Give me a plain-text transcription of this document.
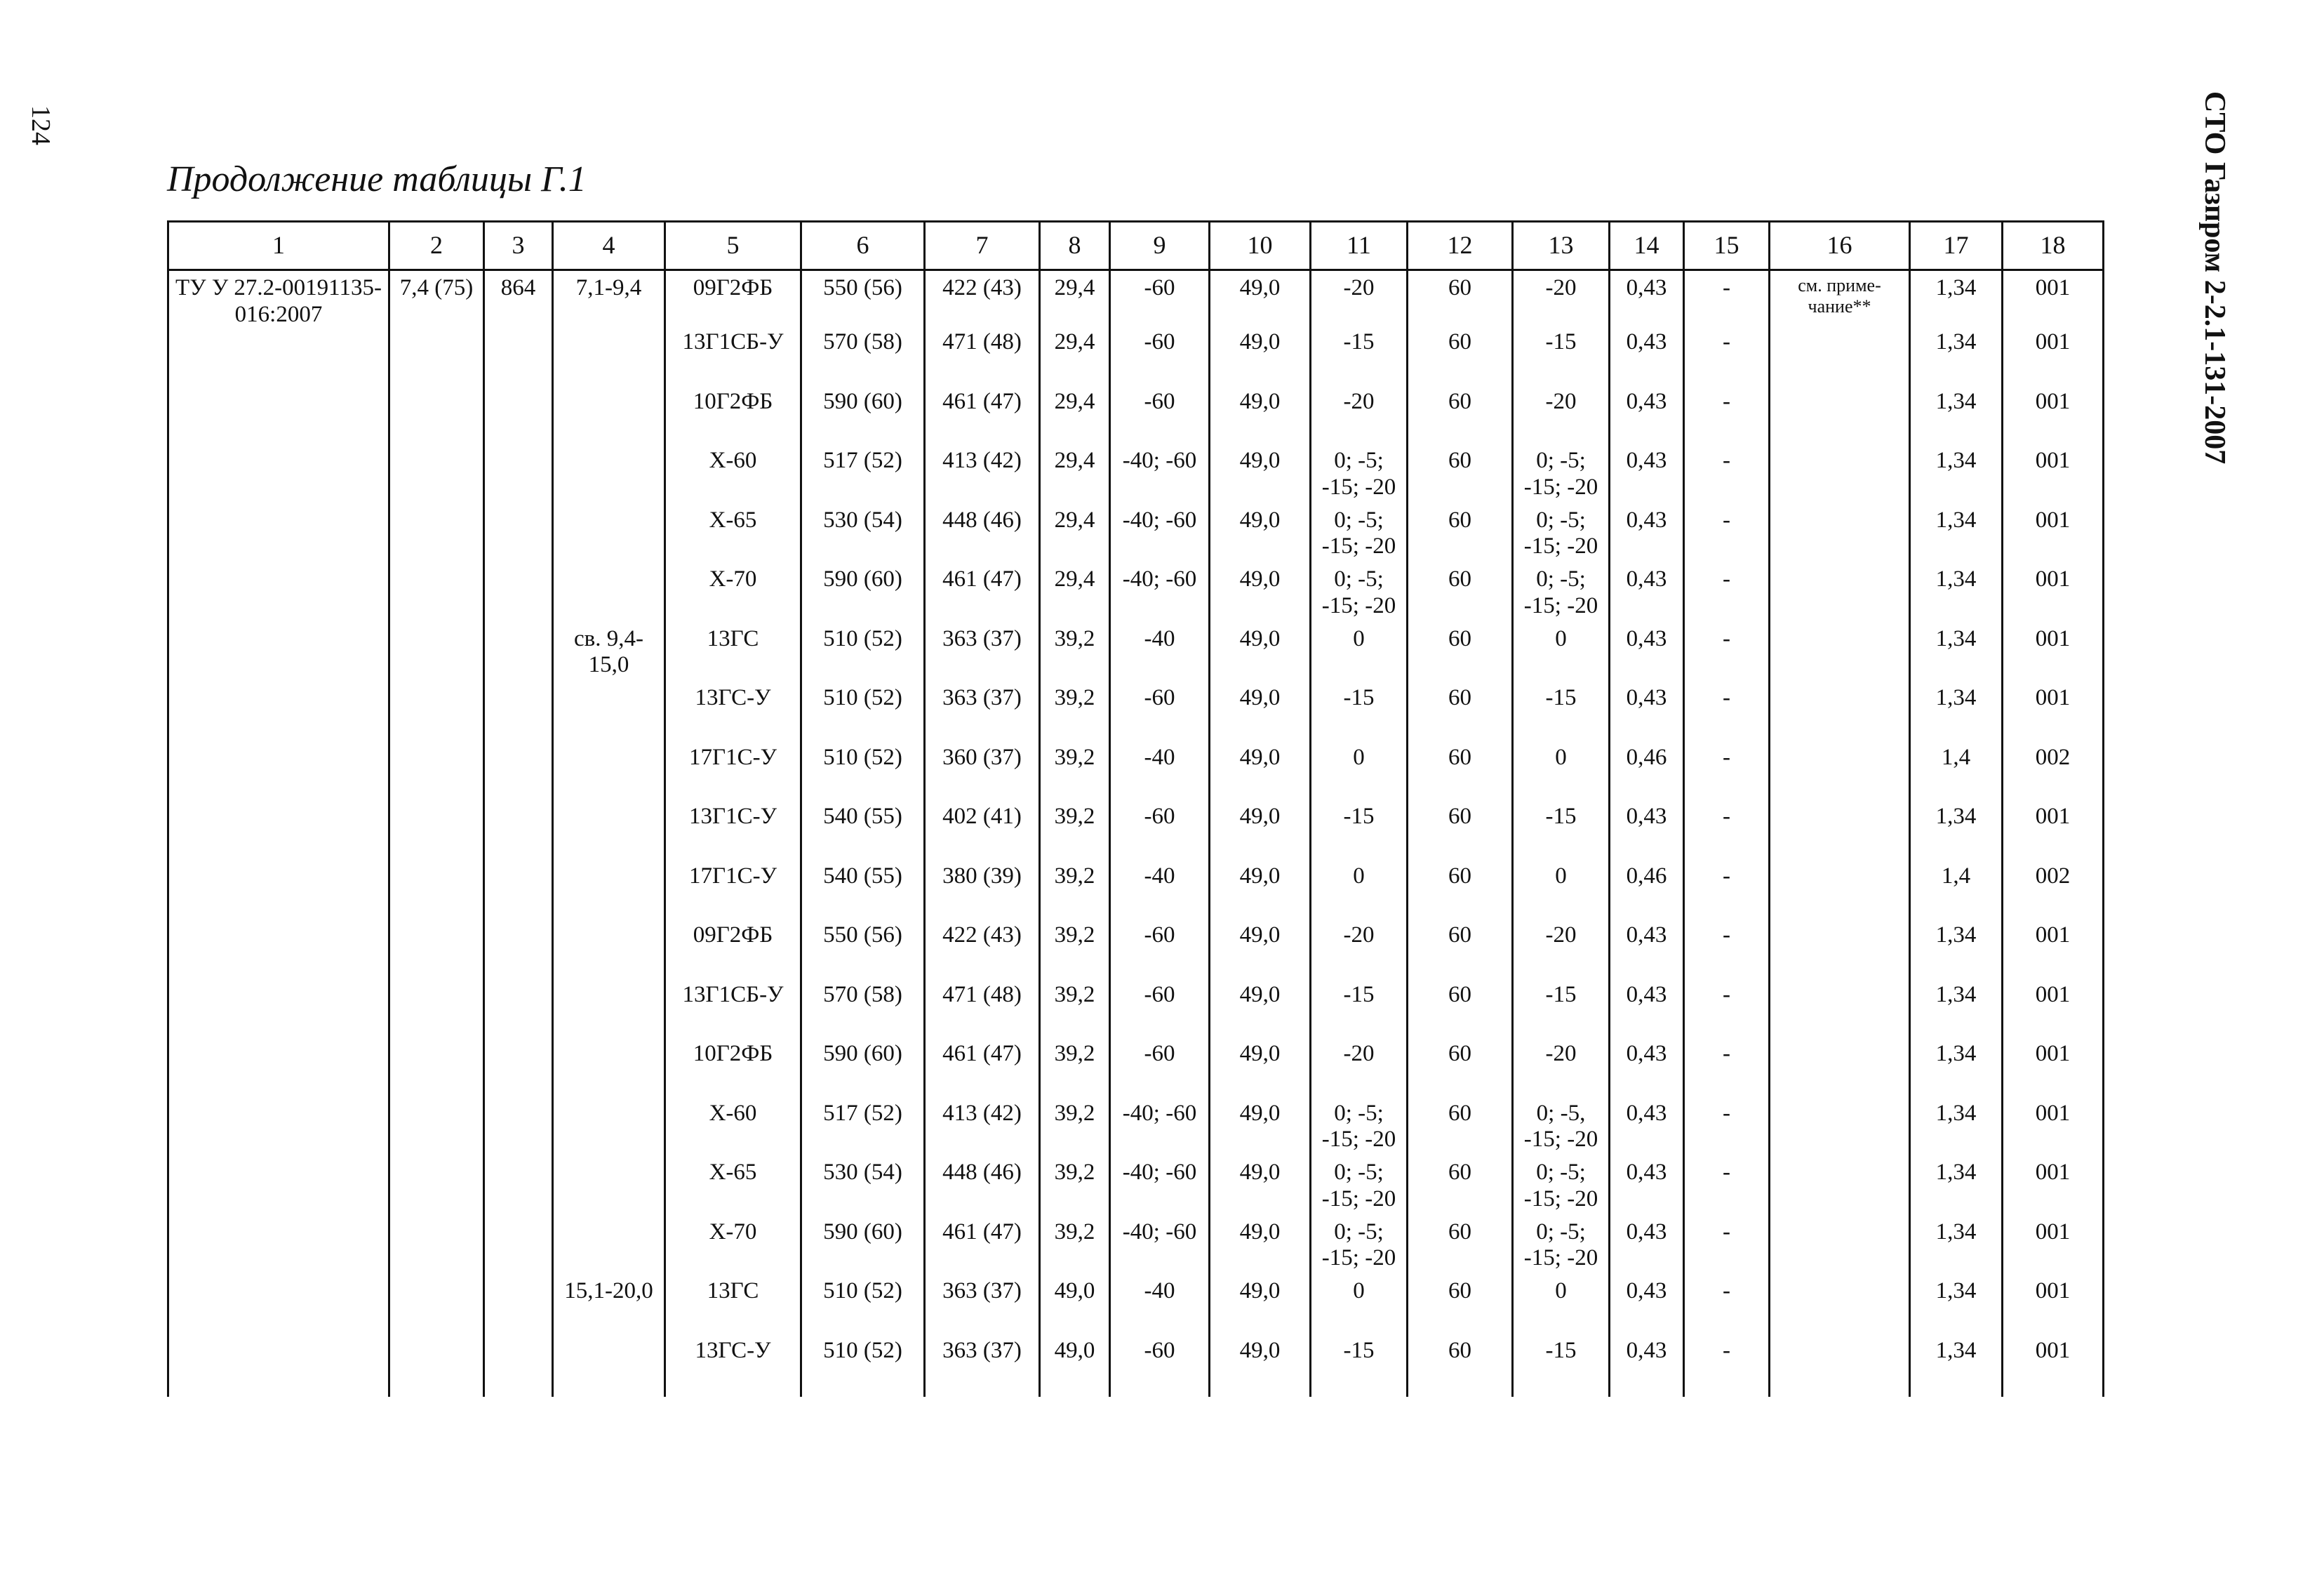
124	СТО Газпром 2-2.1-131-2007
Продолжение таблицы Г.1
1	2	3	4	5	6	7	8	9	10	11	12	13	14	15	16	17	18
ТУ У 27.2-00191135-016:2007	7,4 (75)	864	7,1-9,4	09Г2ФБ	550 (56)	422 (43)	29,4	-60	49,0	-20	60	-20	0,43	-	см. приме-чание**	1,34	001
				13Г1СБ-У	570 (58)	471 (48)	29,4	-60	49,0	-15	60	-15	0,43	-		1,34	001
				10Г2ФБ	590 (60)	461 (47)	29,4	-60	49,0	-20	60	-20	0,43	-		1,34	001
				Х-60	517 (52)	413 (42)	29,4	-40; -60	49,0	0; -5; -15; -20	60	0; -5; -15; -20	0,43	-		1,34	001
				Х-65	530 (54)	448 (46)	29,4	-40; -60	49,0	0; -5; -15; -20	60	0; -5; -15; -20	0,43	-		1,34	001
				Х-70	590 (60)	461 (47)	29,4	-40; -60	49,0	0; -5; -15; -20	60	0; -5; -15; -20	0,43	-		1,34	001
			св. 9,4-15,0	13ГС	510 (52)	363 (37)	39,2	-40	49,0	0	60	0	0,43	-		1,34	001
				13ГС-У	510 (52)	363 (37)	39,2	-60	49,0	-15	60	-15	0,43	-		1,34	001
				17Г1С-У	510 (52)	360 (37)	39,2	-40	49,0	0	60	0	0,46	-		1,4	002
				13Г1С-У	540 (55)	402 (41)	39,2	-60	49,0	-15	60	-15	0,43	-		1,34	001
				17Г1С-У	540 (55)	380 (39)	39,2	-40	49,0	0	60	0	0,46	-		1,4	002
				09Г2ФБ	550 (56)	422 (43)	39,2	-60	49,0	-20	60	-20	0,43	-		1,34	001
				13Г1СБ-У	570 (58)	471 (48)	39,2	-60	49,0	-15	60	-15	0,43	-		1,34	001
				10Г2ФБ	590 (60)	461 (47)	39,2	-60	49,0	-20	60	-20	0,43	-		1,34	001
				Х-60	517 (52)	413 (42)	39,2	-40; -60	49,0	0; -5; -15; -20	60	0; -5, -15; -20	0,43	-		1,34	001
				Х-65	530 (54)	448 (46)	39,2	-40; -60	49,0	0; -5; -15; -20	60	0; -5; -15; -20	0,43	-		1,34	001
				Х-70	590 (60)	461 (47)	39,2	-40; -60	49,0	0; -5; -15; -20	60	0; -5; -15; -20	0,43	-		1,34	001
			15,1-20,0	13ГС	510 (52)	363 (37)	49,0	-40	49,0	0	60	0	0,43	-		1,34	001
				13ГС-У	510 (52)	363 (37)	49,0	-60	49,0	-15	60	-15	0,43	-		1,34	001
